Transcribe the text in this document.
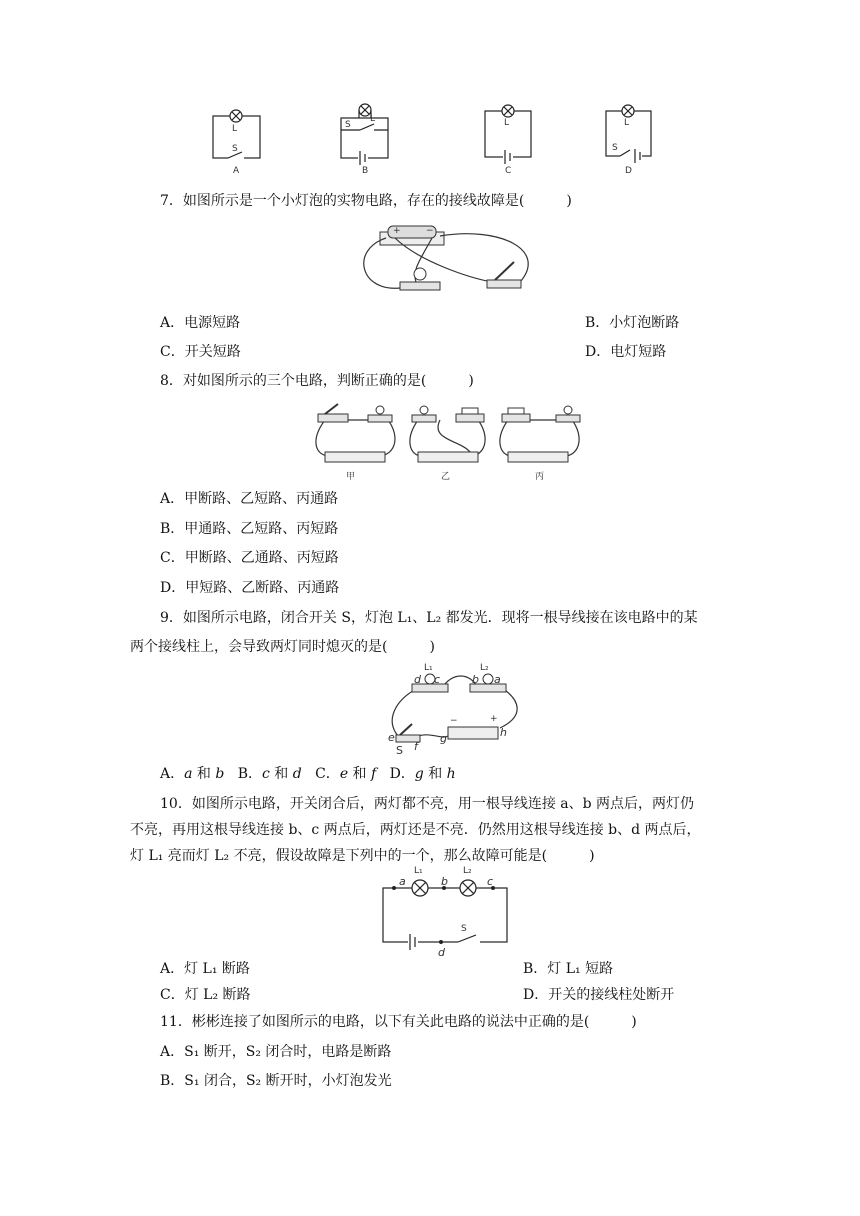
L
S
L
S	L	L
S
A	B	C	D
7．如图所示是一个小灯泡的实物电路，存在的接线故障是(　　　)
+	−
A．电源短路	B．小灯泡断路
C．开关短路	D．电灯短路
8．对如图所示的三个电路，判断正确的是(　　　)
甲	乙	丙
A．甲断路、乙短路、丙通路
B．甲通路、乙短路、丙短路
C．甲断路、乙通路、丙短路
D．甲短路、乙断路、丙通路
9．如图所示电路，闭合开关 S，灯泡 L₁、L₂ 都发光．现将一根导线接在该电路中的某
两个接线柱上，会导致两灯同时熄灭的是(　　　)
L₁	L₂
d c	b a
−	+
h
g
e
f
S
A．a 和 b B．c 和 d C．e 和 f D．g 和 h
10．如图所示电路，开关闭合后，两灯都不亮，用一根导线连接 a、b 两点后，两灯仍
不亮，再用这根导线连接 b、c 两点后，两灯还是不亮．仍然用这根导线连接 b、d 两点后，
灯 L₁ 亮而灯 L₂ 不亮，假设故障是下列中的一个，那么故障可能是(　　　)
a
L₁
b
L₂
c
S
d
A．灯 L₁ 断路	B．灯 L₁ 短路
C．灯 L₂ 断路	D．开关的接线柱处断开
11．彬彬连接了如图所示的电路，以下有关此电路的说法中正确的是(　　　)
A．S₁ 断开，S₂ 闭合时，电路是断路
B．S₁ 闭合，S₂ 断开时，小灯泡发光
